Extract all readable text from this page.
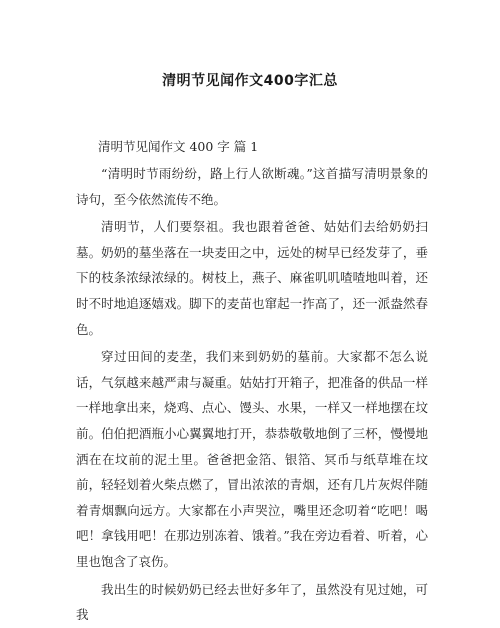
清明节见闻作文400字汇总
清明节见闻作文 400 字 篇 1

“清明时节雨纷纷，路上行人欲断魂。”这首描写清明景象的诗句，至今依然流传不绝。

清明节，人们要祭祖。我也跟着爸爸、姑姑们去给奶奶扫墓。奶奶的墓坐落在一块麦田之中，远处的树早已经发芽了，垂下的枝条浓绿浓绿的。树枝上，燕子、麻雀叽叽喳喳地叫着，还时不时地追逐嬉戏。脚下的麦苗也窜起一拃高了，还一派盎然春色。

穿过田间的麦垄，我们来到奶奶的墓前。大家都不怎么说话，气氛越来越严肃与凝重。姑姑打开箱子，把准备的供品一样一样地拿出来，烧鸡、点心、馒头、水果，一样又一样地摆在坟前。伯伯把酒瓶小心翼翼地打开，恭恭敬敬地倒了三杯，慢慢地洒在在坟前的泥土里。爸爸把金箔、银箔、冥币与纸草堆在坟前，轻轻划着火柴点燃了，冒出浓浓的青烟，还有几片灰烬伴随着青烟飘向远方。大家都在小声哭泣，嘴里还念叨着“吃吧！喝吧！拿钱用吧！在那边别冻着、饿着。”我在旁边看着、听着，心里也饱含了哀伤。

我出生的时候奶奶已经去世好多年了，虽然没有见过她，可我
